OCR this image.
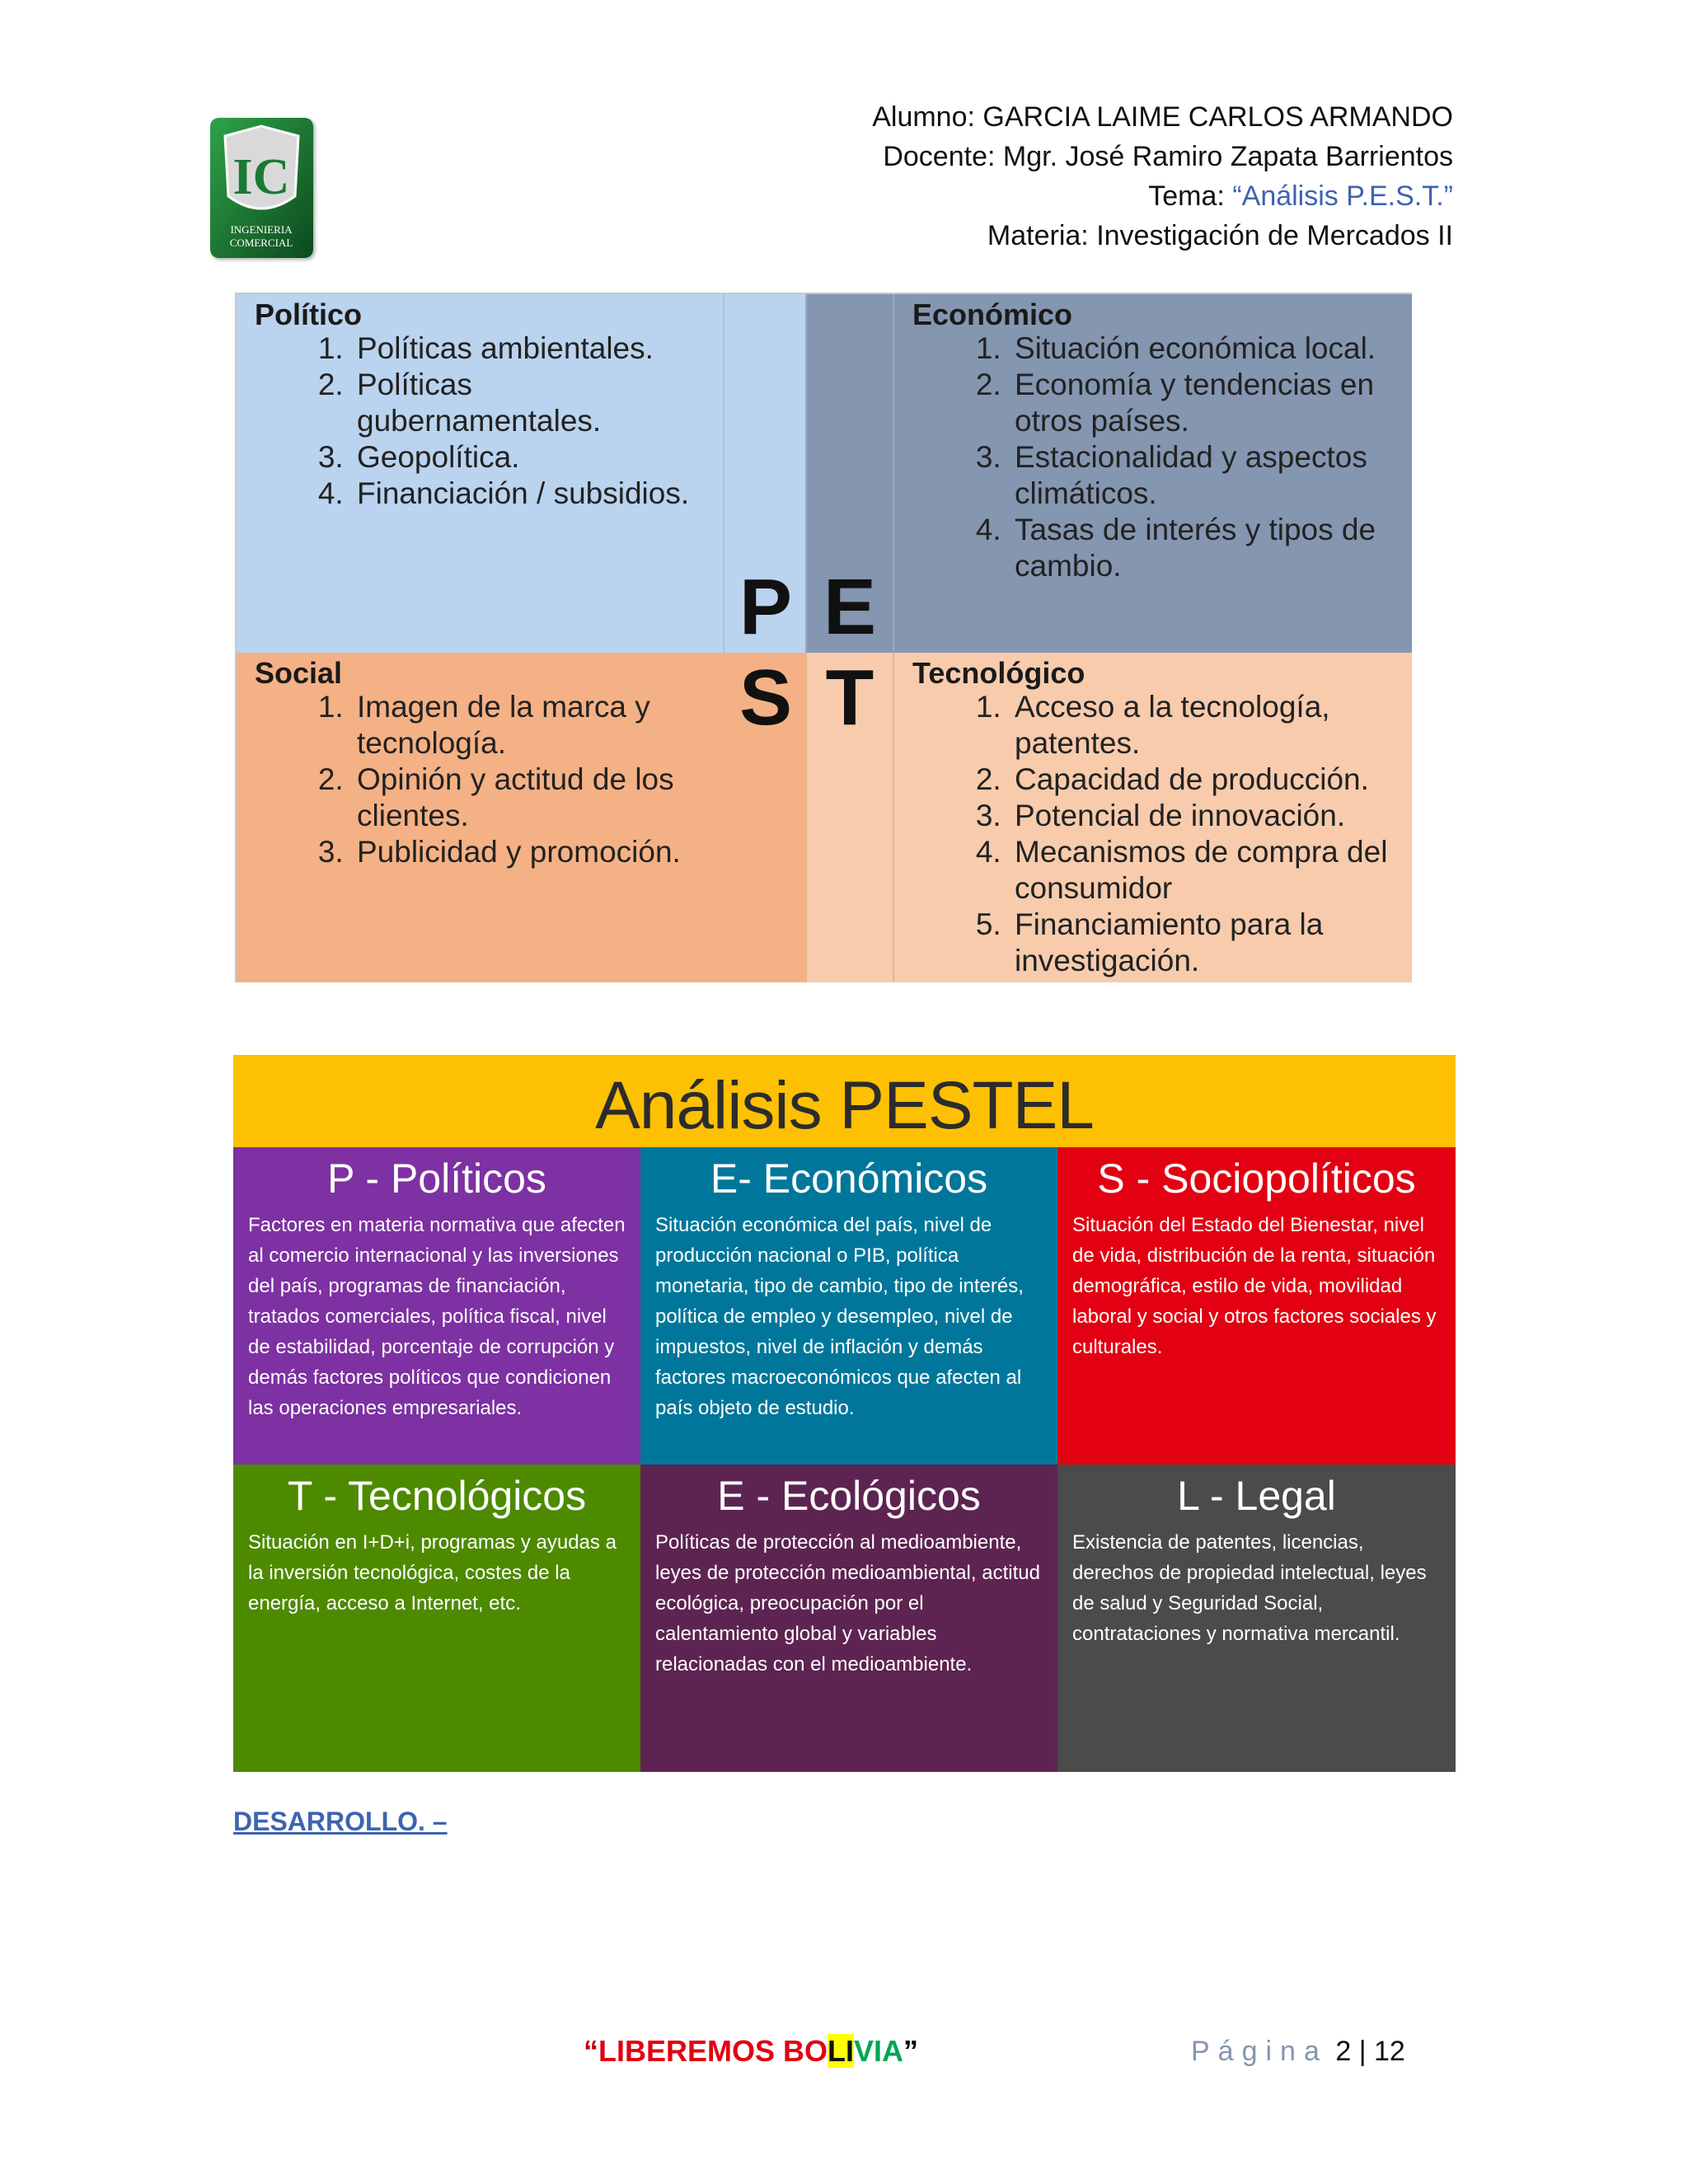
IC
INGENIERIA
COMERCIAL
Alumno: GARCIA LAIME CARLOS ARMANDO
Docente: Mgr. José Ramiro Zapata Barrientos
Tema: “Análisis P.E.S.T.”
Materia: Investigación de Mercados II
Político
1. Políticas ambientales.
2. Políticas gubernamentales.
3. Geopolítica.
4. Financiación / subsidios.
Económico
1. Situación económica local.
2. Economía y tendencias en otros países.
3. Estacionalidad y aspectos climáticos.
4. Tasas de interés y tipos de cambio.
Social
1. Imagen de la marca y tecnología.
2. Opinión y actitud de los clientes.
3. Publicidad y promoción.
Tecnológico
1. Acceso a la tecnología, patentes.
2. Capacidad de producción.
3. Potencial de innovación.
4. Mecanismos de compra del consumidor
5. Financiamiento para la investigación.
P E
S T
Análisis PESTEL
P - Políticos
Factores en materia normativa que afecten al comercio internacional y las inversiones del país, programas de financiación, tratados comerciales, política fiscal, nivel de estabilidad, porcentaje de corrupción y demás factores políticos que condicionen las operaciones empresariales.
E- Económicos
Situación económica del país, nivel de producción nacional o PIB, política monetaria, tipo de cambio, tipo de interés, política de empleo y desempleo, nivel de impuestos, nivel de inflación y demás factores macroeconómicos que afecten al país objeto de estudio.
S - Sociopolíticos
Situación del Estado del Bienestar, nivel de vida, distribución de la renta, situación demográfica, estilo de vida, movilidad laboral y social y otros factores sociales y culturales.
T - Tecnológicos
Situación en I+D+i, programas y ayudas a la inversión tecnológica, costes de la energía, acceso a Internet, etc.
E - Ecológicos
Políticas de protección al medioambiente, leyes de protección medioambiental, actitud ecológica, preocupación por el calentamiento global y variables relacionadas con el medioambiente.
L - Legal
Existencia de patentes, licencias, derechos de propiedad intelectual, leyes de salud y Seguridad Social, contrataciones y normativa mercantil.
DESARROLLO. –
“LIBEREMOS BOLIVIA”	Página 2 | 12
